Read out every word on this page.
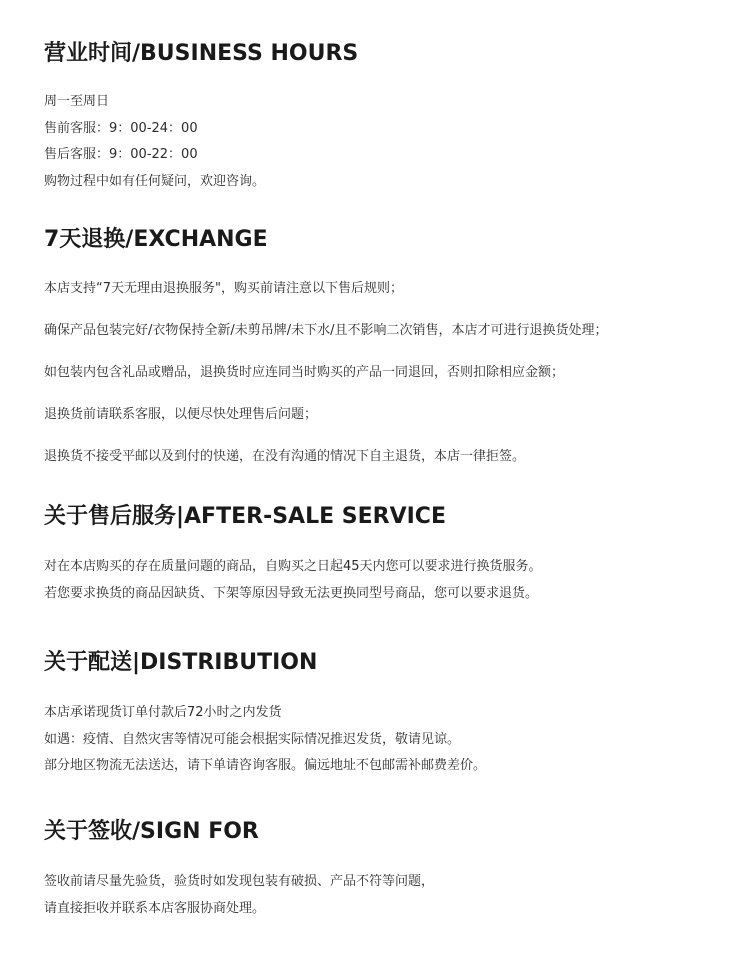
营业时间/BUSINESS HOURS
周一至周日
售前客服：9：00-24：00
售后客服：9：00-22：00
购物过程中如有任何疑问，欢迎咨询。
7天退换/EXCHANGE
本店支持“7天无理由退换服务"，购买前请注意以下售后规则；
确保产品包装完好/衣物保持全新/未剪吊牌/未下水/且不影响二次销售，本店才可进行退换货处理；
如包装内包含礼品或赠品，退换货时应连同当时购买的产品一同退回，否则扣除相应金额；
退换货前请联系客服，以便尽快处理售后问题；
退换货不接受平邮以及到付的快递，在没有沟通的情况下自主退货，本店一律拒签。
关于售后服务|AFTER-SALE SERVICE
对在本店购买的存在质量问题的商品，自购买之日起45天内您可以要求进行换货服务。
若您要求换货的商品因缺货、下架等原因导致无法更换同型号商品，您可以要求退货。
关于配送|DISTRIBUTION
本店承诺现货订单付款后72小时之内发货
如遇：疫情、自然灾害等情况可能会根据实际情况推迟发货，敬请见谅。
部分地区物流无法送达，请下单请咨询客服。偏远地址不包邮需补邮费差价。
关于签收/SIGN FOR
签收前请尽量先验货，验货时如发现包装有破损、产品不符等问题，
请直接拒收并联系本店客服协商处理。
